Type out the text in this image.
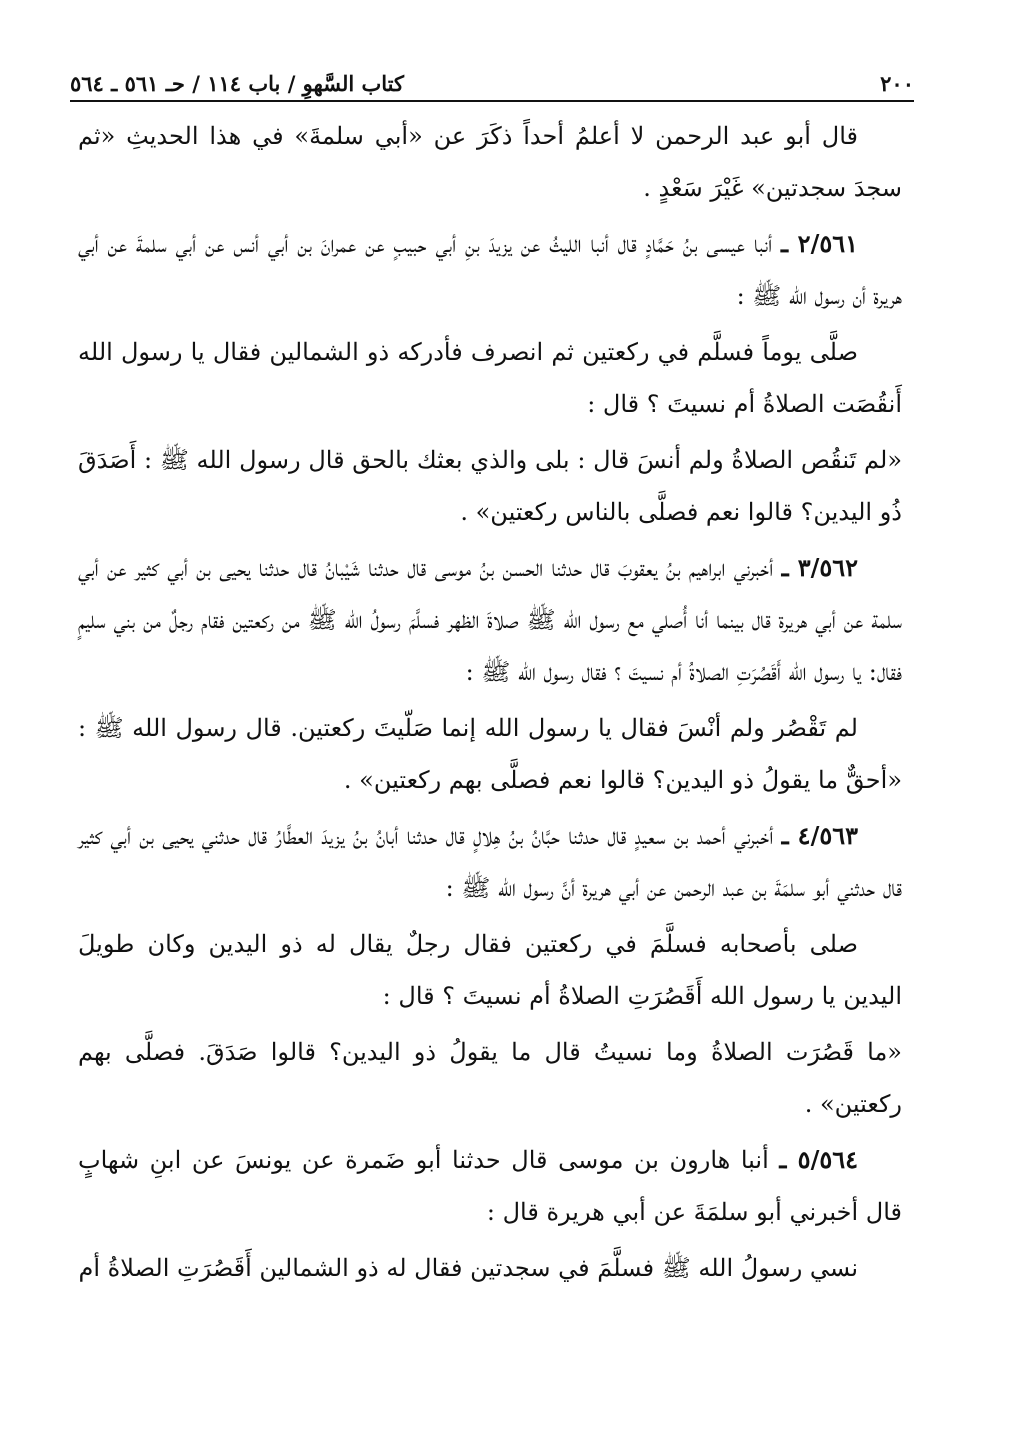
٢٠٠
كتاب السَّهوِ / باب ١١٤ / حـ ٥٦١ ـ ٥٦٤

قال أبو عبد الرحمن لا أعلمُ أحداً ذكَرَ عن «أبي سلمةَ» في هذا الحديثِ «ثم سجدَ سجدتين» غَيْرَ سَعْدٍ .

٢/٥٦١ ـ أنبا عيسى بنُ حَمَّادٍ قال أنبا الليثُ عن يزيدَ بنِ أبي حبيبٍ عن عمرانَ بن أبي أنس عن أبي سلمةَ عن أبي هريرة أن رسول الله ﷺ :

صلَّى يوماً فسلَّم في ركعتين ثم انصرف فأدركه ذو الشمالين فقال يا رسول الله أَنقُصَت الصلاةُ أم نسيتَ ؟ قال :

«لم تَنقُص الصلاةُ ولم أنسَ قال : بلى والذي بعثك بالحق قال رسول الله ﷺ : أَصَدَقَ ذُو اليدين؟ قالوا نعم فصلَّى بالناس ركعتين» .

٣/٥٦٢ ـ أخبرني ابراهيم بنُ يعقوبَ قال حدثنا الحسن بنُ موسى قال حدثنا شَيْبانُ قال حدثنا يحيى بن أبي كثير عن أبي سلمة عن أبي هريرة قال بينما أنا أُصلي مع رسول الله ﷺ صلاةَ الظهر فسلَّمَ رسولُ الله ﷺ من ركعتين فقام رجلٌ من بني سليمٍ فقال: يا رسول الله أَقَصُرَتِ الصلاةُ أم نسيتَ ؟ فقال رسول الله ﷺ :

لم تَقْصُر ولم أنْسَ فقال يا رسول الله إنما صَلّيتَ ركعتين. قال رسول الله ﷺ : «أحقٌّ ما يقولُ ذو اليدين؟ قالوا نعم فصلَّى بهم ركعتين» .

٤/٥٦٣ ـ أخبرني أحمد بن سعيدٍ قال حدثنا حبَّانُ بنُ هِلالٍ قال حدثنا أبانُ بنُ يزيدَ العطَّارُ قال حدثني يحيى بن أبي كثير قال حدثني أبو سلمَةَ بن عبد الرحمن عن أبي هريرة أنَّ رسول الله ﷺ :

صلى بأصحابه فسلَّمَ في ركعتين فقال رجلٌ يقال له ذو اليدين وكان طويلَ اليدين يا رسول الله أَقَصُرَتِ الصلاةُ أم نسيتَ ؟ قال :

«ما قَصُرَت الصلاةُ وما نسيتُ قال ما يقولُ ذو اليدين؟ قالوا صَدَقَ. فصلَّى بهم ركعتين» .

٥/٥٦٤ ـ أنبا هارون بن موسى قال حدثنا أبو ضَمرة عن يونسَ عن ابنِ شهابٍ قال أخبرني أبو سلمَةَ عن أبي هريرة قال :

نسي رسولُ الله ﷺ فسلَّمَ في سجدتين فقال له ذو الشمالين أَقَصُرَتِ الصلاةُ أم
